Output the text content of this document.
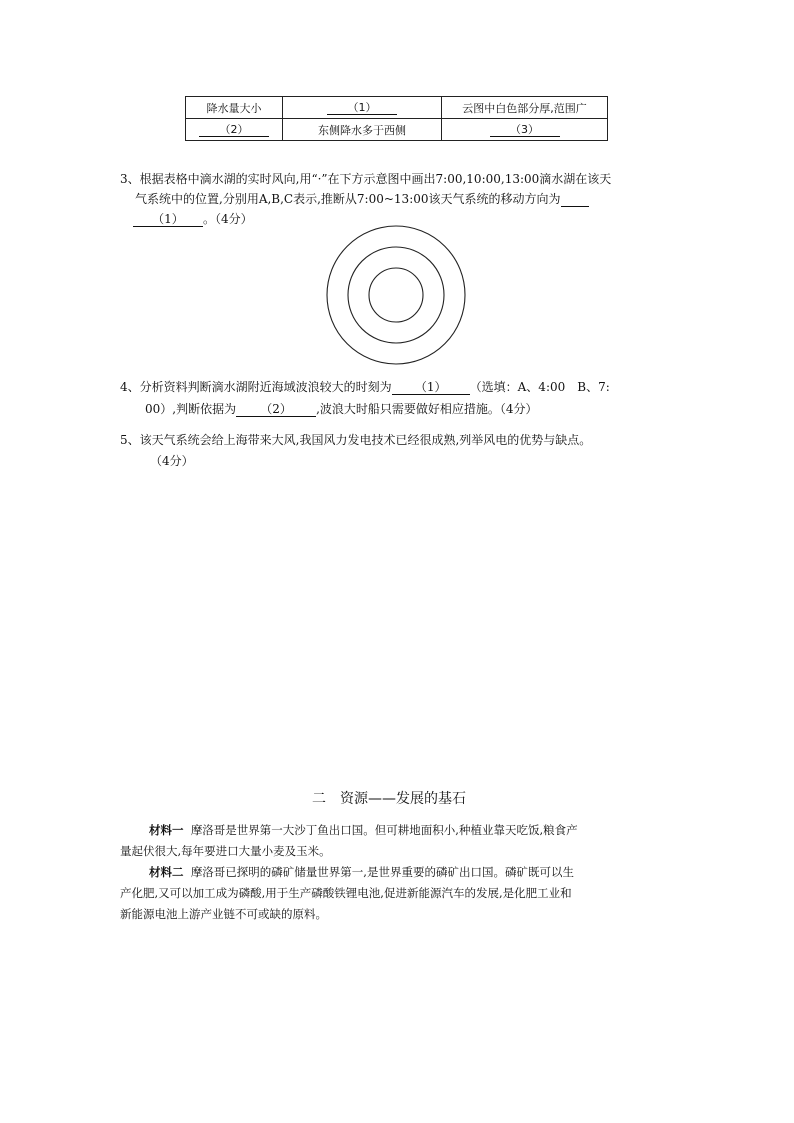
降水量大小	（1）	云图中白色部分厚,范围广
（2）	东侧降水多于西侧	（3）
3、根据表格中滴水湖的实时风向,用“·”在下方示意图中画出7:00,10:00,13:00滴水湖在该天
气系统中的位置,分别用A,B,C表示,推断从7:00~13:00该天气系统的移动方向为
（1） 。（4分）
4、分析资料判断滴水湖附近海域波浪较大的时刻为 （1） （选填：A、4:00　B、7:
00）,判断依据为 （2） ,波浪大时船只需要做好相应措施。（4分）
5、该天气系统会给上海带来大风,我国风力发电技术已经很成熟,列举风电的优势与缺点。
（4分）
二　资源——发展的基石
材料一 摩洛哥是世界第一大沙丁鱼出口国。但可耕地面积小,种植业靠天吃饭,粮食产
量起伏很大,每年要进口大量小麦及玉米。
材料二 摩洛哥已探明的磷矿储量世界第一,是世界重要的磷矿出口国。磷矿既可以生
产化肥,又可以加工成为磷酸,用于生产磷酸铁锂电池,促进新能源汽车的发展,是化肥工业和
新能源电池上游产业链不可或缺的原料。
